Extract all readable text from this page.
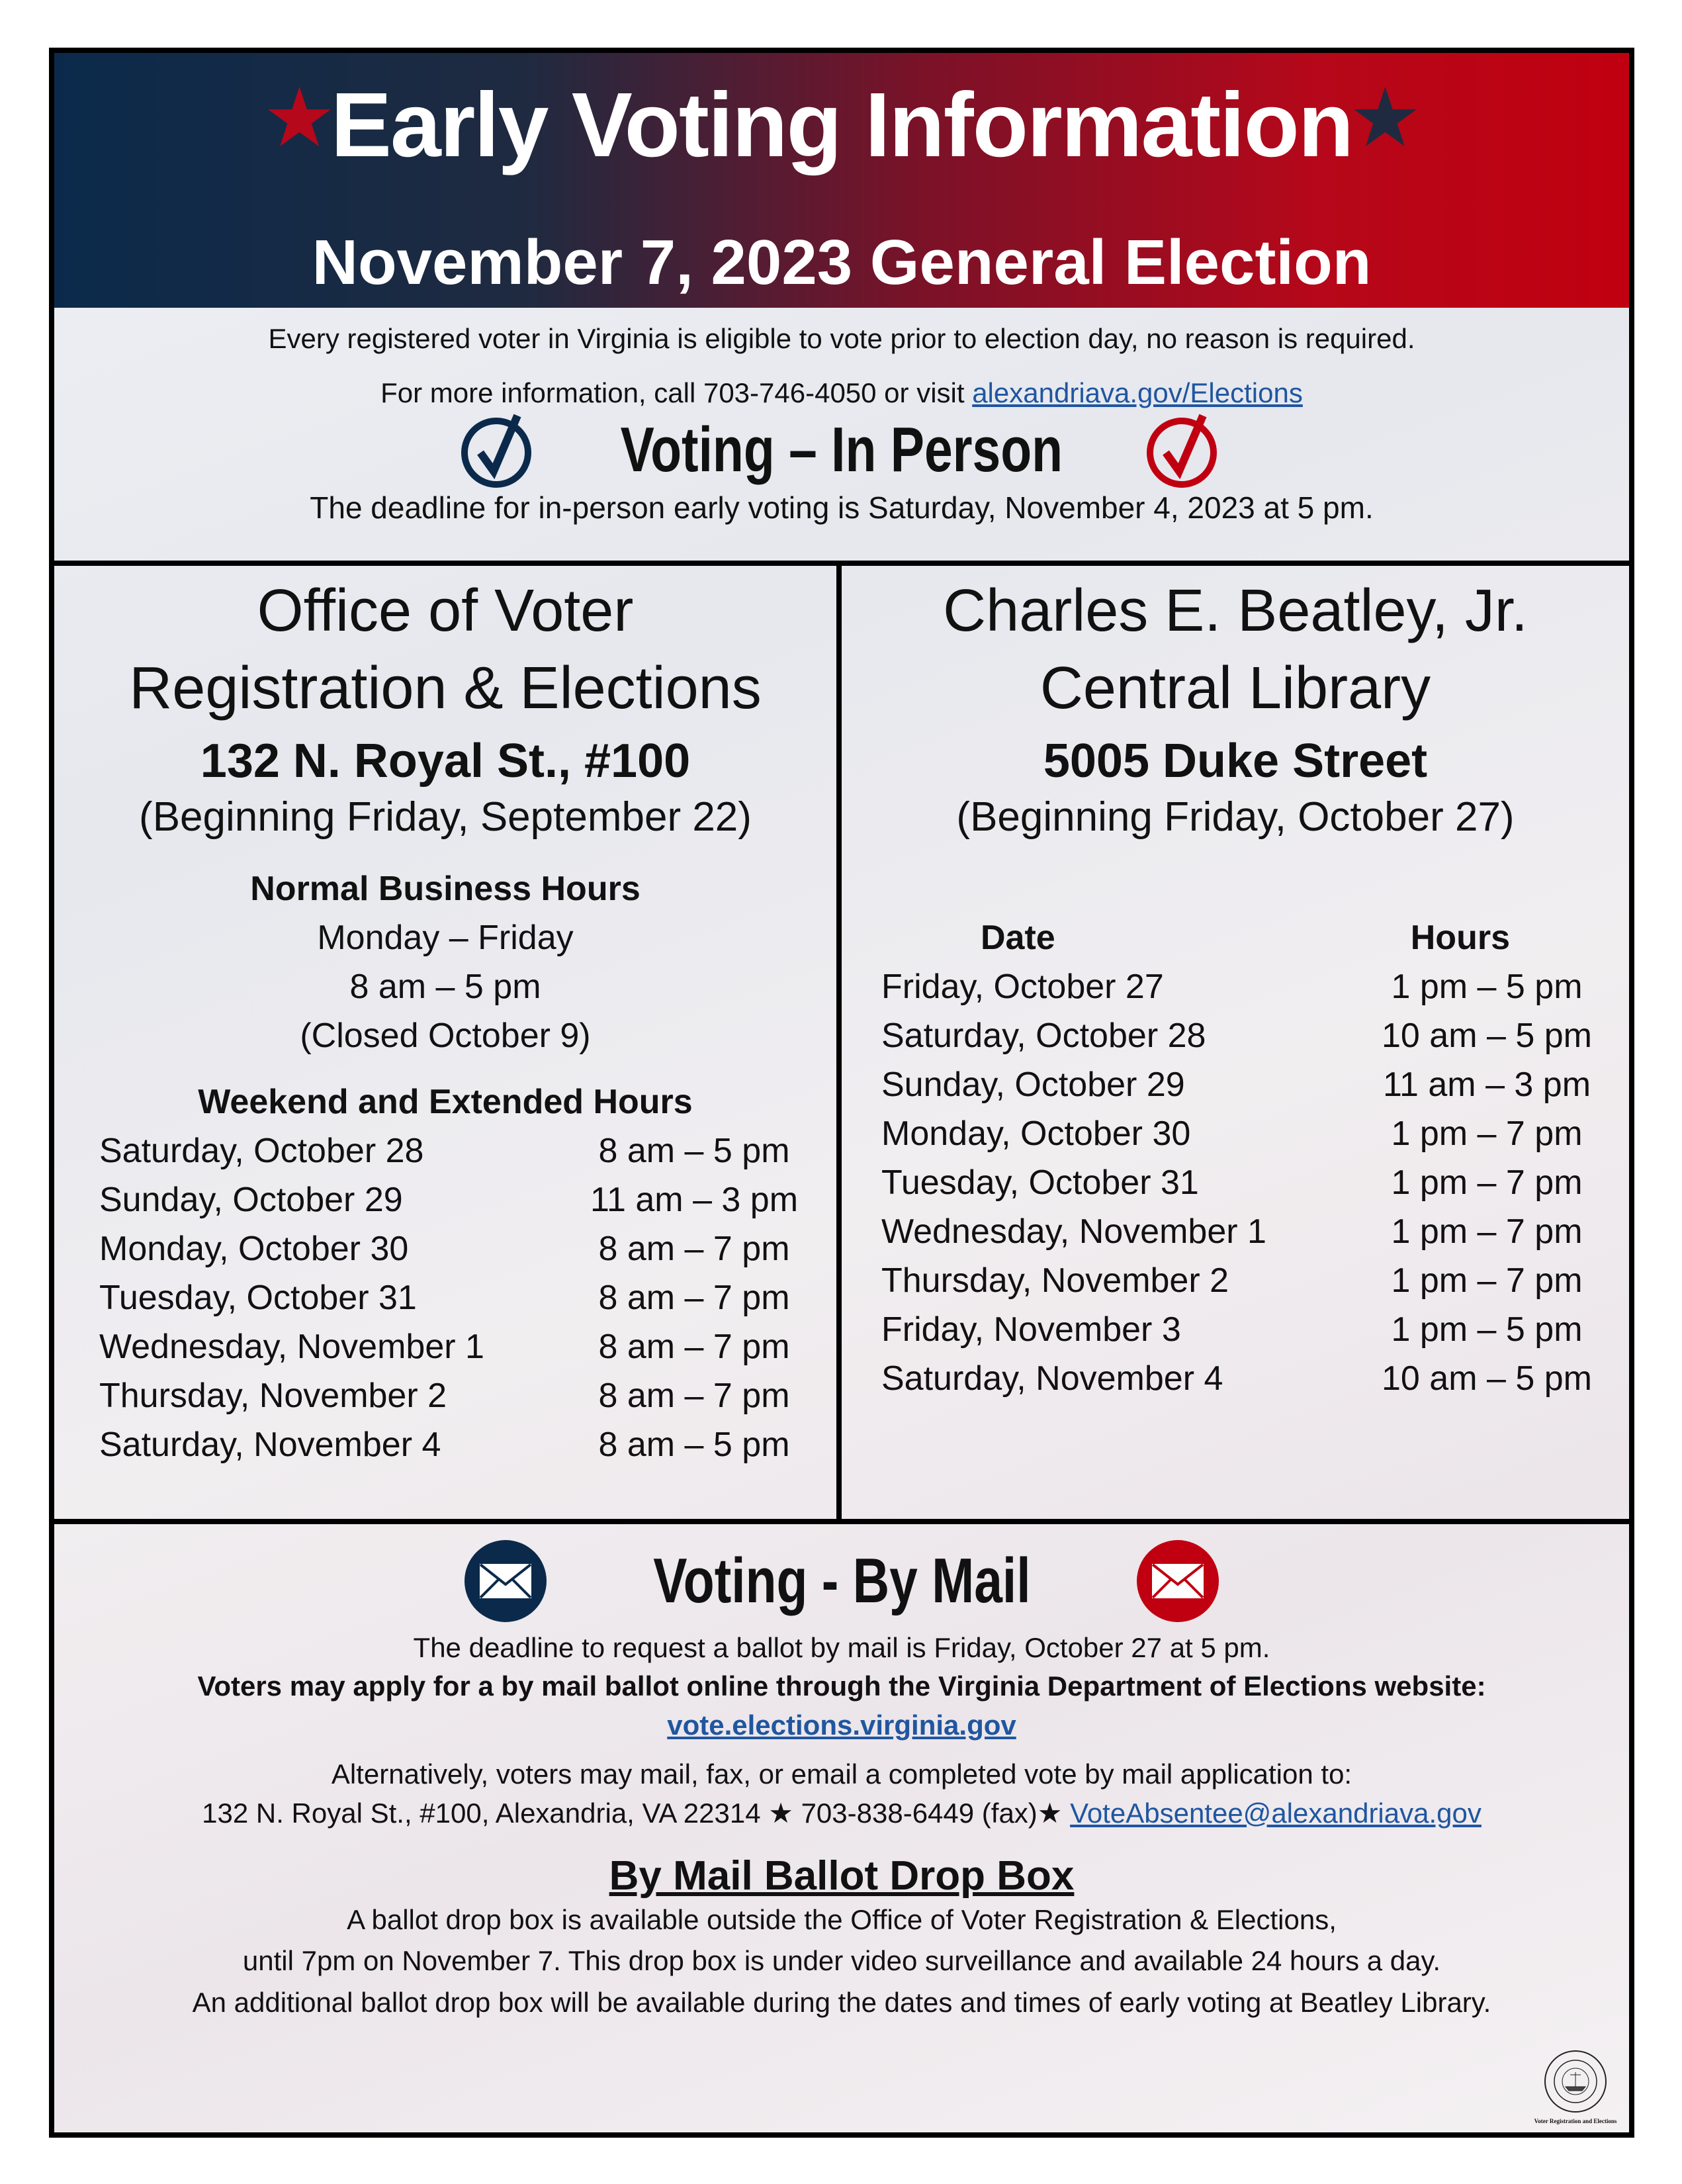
★Early Voting Information★
November 7, 2023 General Election
Every registered voter in Virginia is eligible to vote prior to election day, no reason is required.
For more information, call 703-746-4050 or visit alexandriava.gov/Elections
Voting – In Person
The deadline for in-person early voting is Saturday, November 4, 2023 at 5 pm.
Office of Voter
Registration & Elections
132 N. Royal St., #100
(Beginning Friday, September 22)
Normal Business Hours
Monday – Friday
8 am – 5 pm
(Closed October 9)
Weekend and Extended Hours
Saturday, October 28	8 am – 5 pm
Sunday, October 29	11 am – 3 pm
Monday, October 30	8 am – 7 pm
Tuesday, October 31	8 am – 7 pm
Wednesday, November 1	8 am – 7 pm
Thursday, November 2	8 am – 7 pm
Saturday, November 4	8 am – 5 pm
Charles E. Beatley, Jr.
Central Library
5005 Duke Street
(Beginning Friday, October 27)
Date	Hours
Friday, October 27	1 pm – 5 pm
Saturday, October 28	10 am – 5 pm
Sunday, October 29	11 am – 3 pm
Monday, October 30	1 pm – 7 pm
Tuesday, October 31	1 pm – 7 pm
Wednesday, November 1	1 pm – 7 pm
Thursday, November 2	1 pm – 7 pm
Friday, November 3	1 pm – 5 pm
Saturday, November 4	10 am – 5 pm
Voting - By Mail
The deadline to request a ballot by mail is Friday, October 27 at 5 pm.
Voters may apply for a by mail ballot online through the Virginia Department of Elections website:
vote.elections.virginia.gov
Alternatively, voters may mail, fax, or email a completed vote by mail application to:
132 N. Royal St., #100, Alexandria, VA 22314 ★ 703-838-6449 (fax)★ VoteAbsentee@alexandriava.gov
By Mail Ballot Drop Box
A ballot drop box is available outside the Office of Voter Registration & Elections,
until 7pm on November 7. This drop box is under video surveillance and available 24 hours a day.
An additional ballot drop box will be available during the dates and times of early voting at Beatley Library.
Voter Registration and Elections
